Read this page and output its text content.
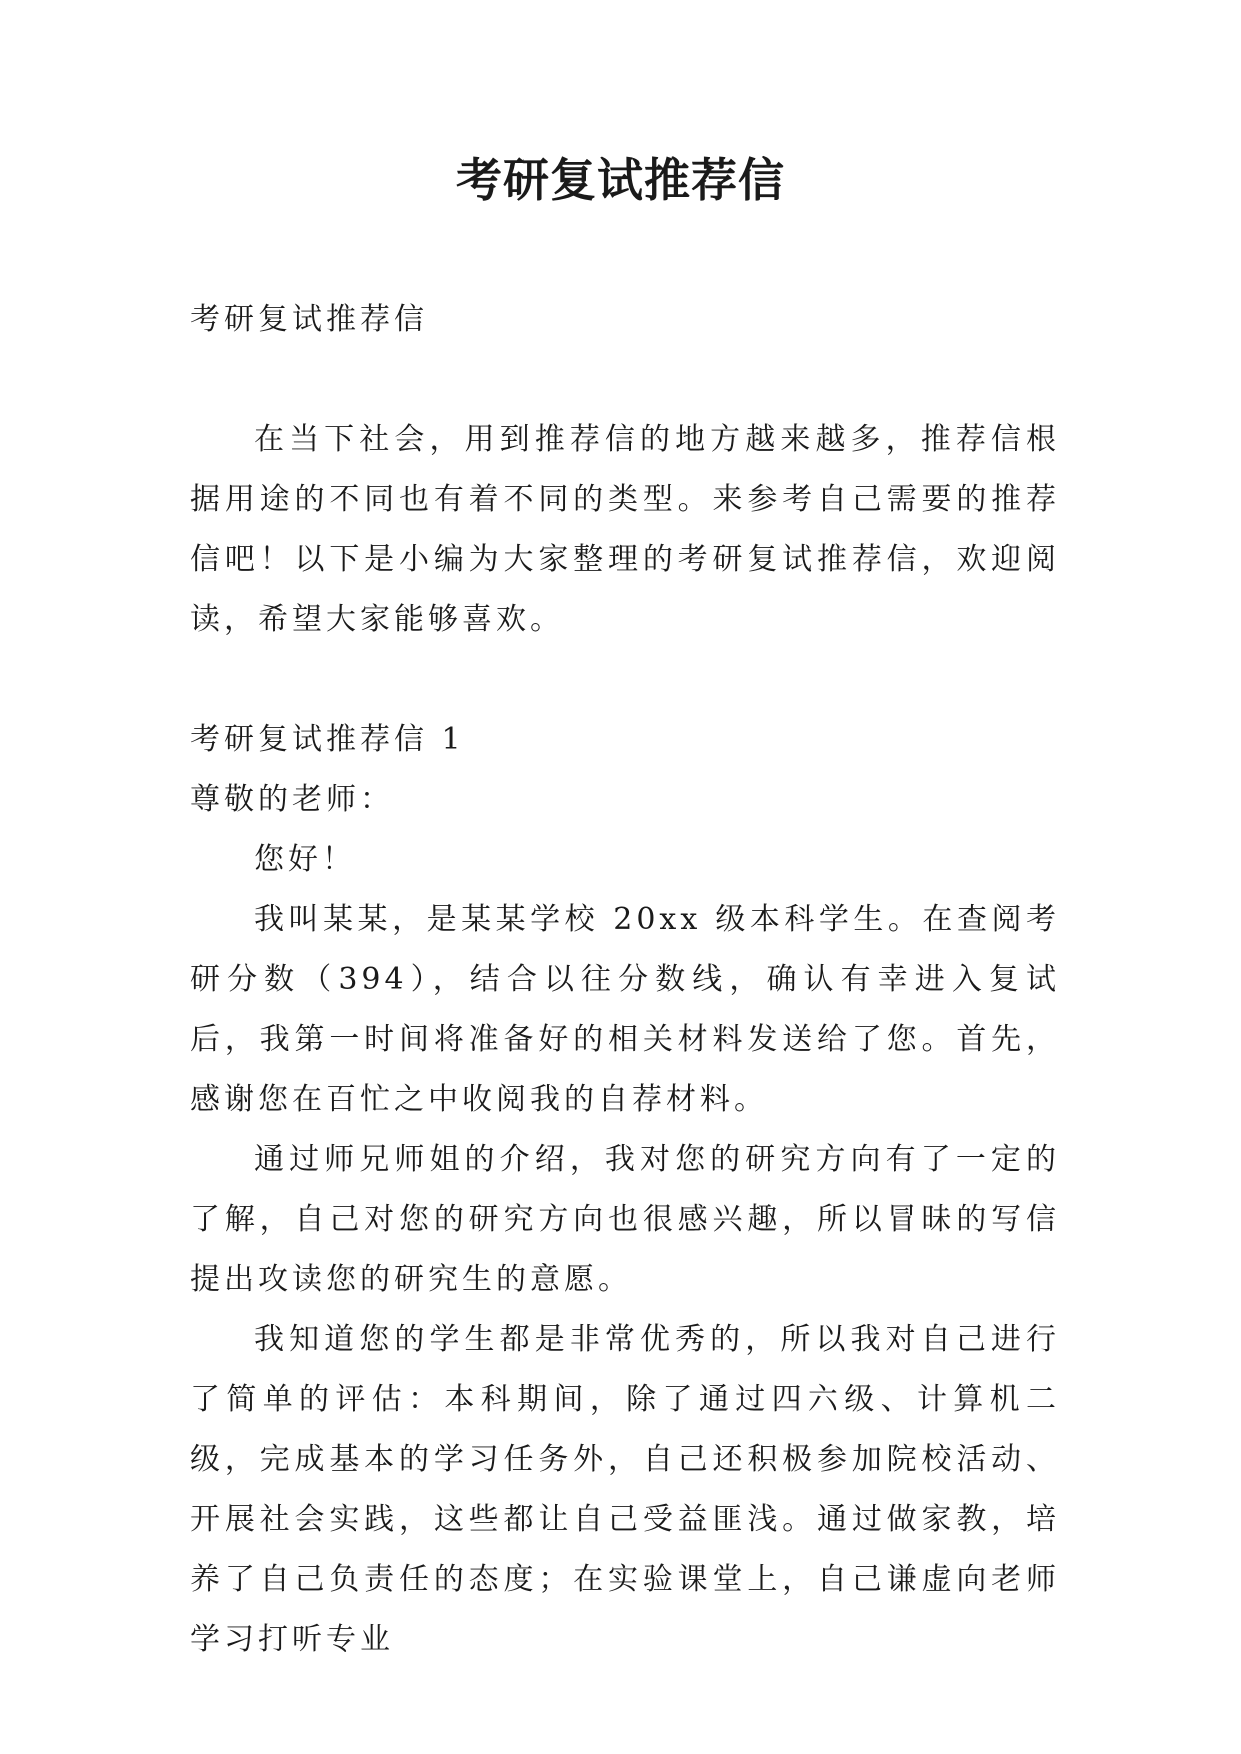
考研复试推荐信

考研复试推荐信

在当下社会，用到推荐信的地方越来越多，推荐信根据用途的不同也有着不同的类型。来参考自己需要的推荐信吧！以下是小编为大家整理的考研复试推荐信，欢迎阅读，希望大家能够喜欢。

考研复试推荐信 1

尊敬的老师：

您好！

我叫某某，是某某学校 20xx 级本科学生。在查阅考研分数（394），结合以往分数线，确认有幸进入复试后，我第一时间将准备好的相关材料发送给了您。首先，感谢您在百忙之中收阅我的自荐材料。

通过师兄师姐的介绍，我对您的研究方向有了一定的了解，自己对您的研究方向也很感兴趣，所以冒昧的写信提出攻读您的研究生的意愿。

我知道您的学生都是非常优秀的，所以我对自己进行了简单的评估：本科期间，除了通过四六级、计算机二级，完成基本的学习任务外，自己还积极参加院校活动、开展社会实践，这些都让自己受益匪浅。通过做家教，培养了自己负责任的态度；在实验课堂上，自己谦虚向老师学习打听专业
